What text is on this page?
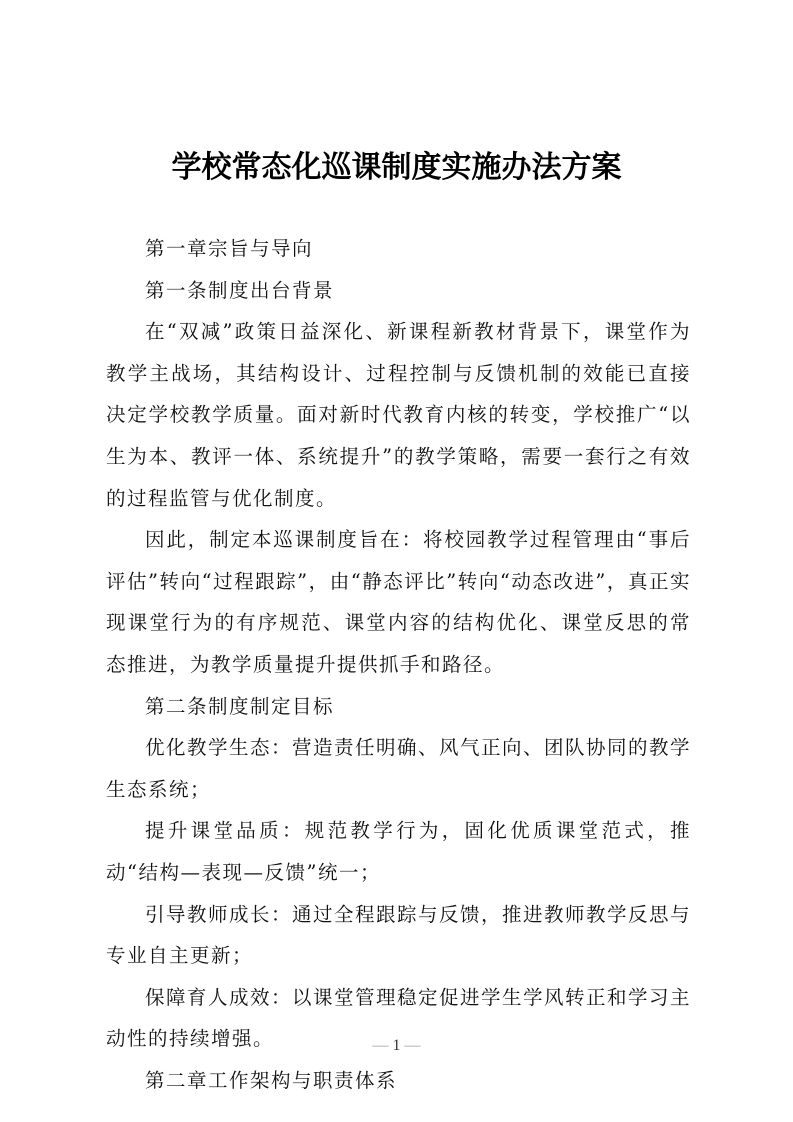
学校常态化巡课制度实施办法方案

第一章宗旨与导向

第一条制度出台背景

在“双减”政策日益深化、新课程新教材背景下，课堂作为教学主战场，其结构设计、过程控制与反馈机制的效能已直接决定学校教学质量。面对新时代教育内核的转变，学校推广“以生为本、教评一体、系统提升”的教学策略，需要一套行之有效的过程监管与优化制度。

因此，制定本巡课制度旨在：将校园教学过程管理由“事后评估”转向“过程跟踪”，由“静态评比”转向“动态改进”，真正实现课堂行为的有序规范、课堂内容的结构优化、课堂反思的常态推进，为教学质量提升提供抓手和路径。

第二条制度制定目标

优化教学生态：营造责任明确、风气正向、团队协同的教学生态系统；

提升课堂品质：规范教学行为，固化优质课堂范式，推动“结构—表现—反馈”统一；

引导教师成长：通过全程跟踪与反馈，推进教师教学反思与专业自主更新；

保障育人成效：以课堂管理稳定促进学生学风转正和学习主动性的持续增强。

第二章工作架构与职责体系

— 1 —
